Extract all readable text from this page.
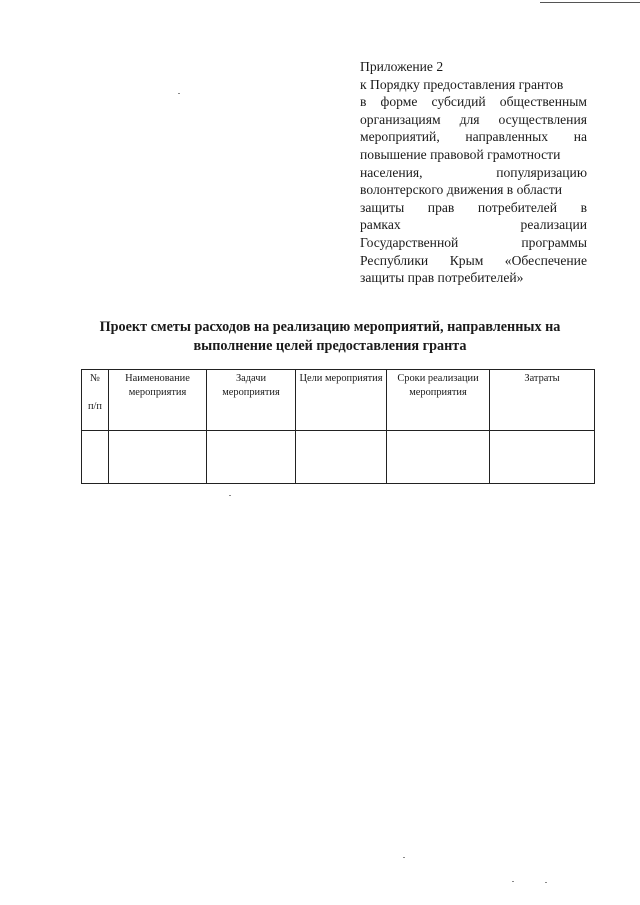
Приложение 2
к Порядку предоставления грантов
в форме субсидий общественным
организациям для осуществления
мероприятий, направленных на
повышение правовой грамотности
населения, популяризацию
волонтерского движения в области
защиты прав потребителей в
рамках реализации
Государственной программы
Республики Крым «Обеспечение
защиты прав потребителей»
Проект сметы расходов на реализацию мероприятий, направленных на
выполнение целей предоставления гранта
№
п/п	Наименование мероприятия	Задачи мероприятия	Цели мероприятия	Сроки реализации мероприятия	Затраты
